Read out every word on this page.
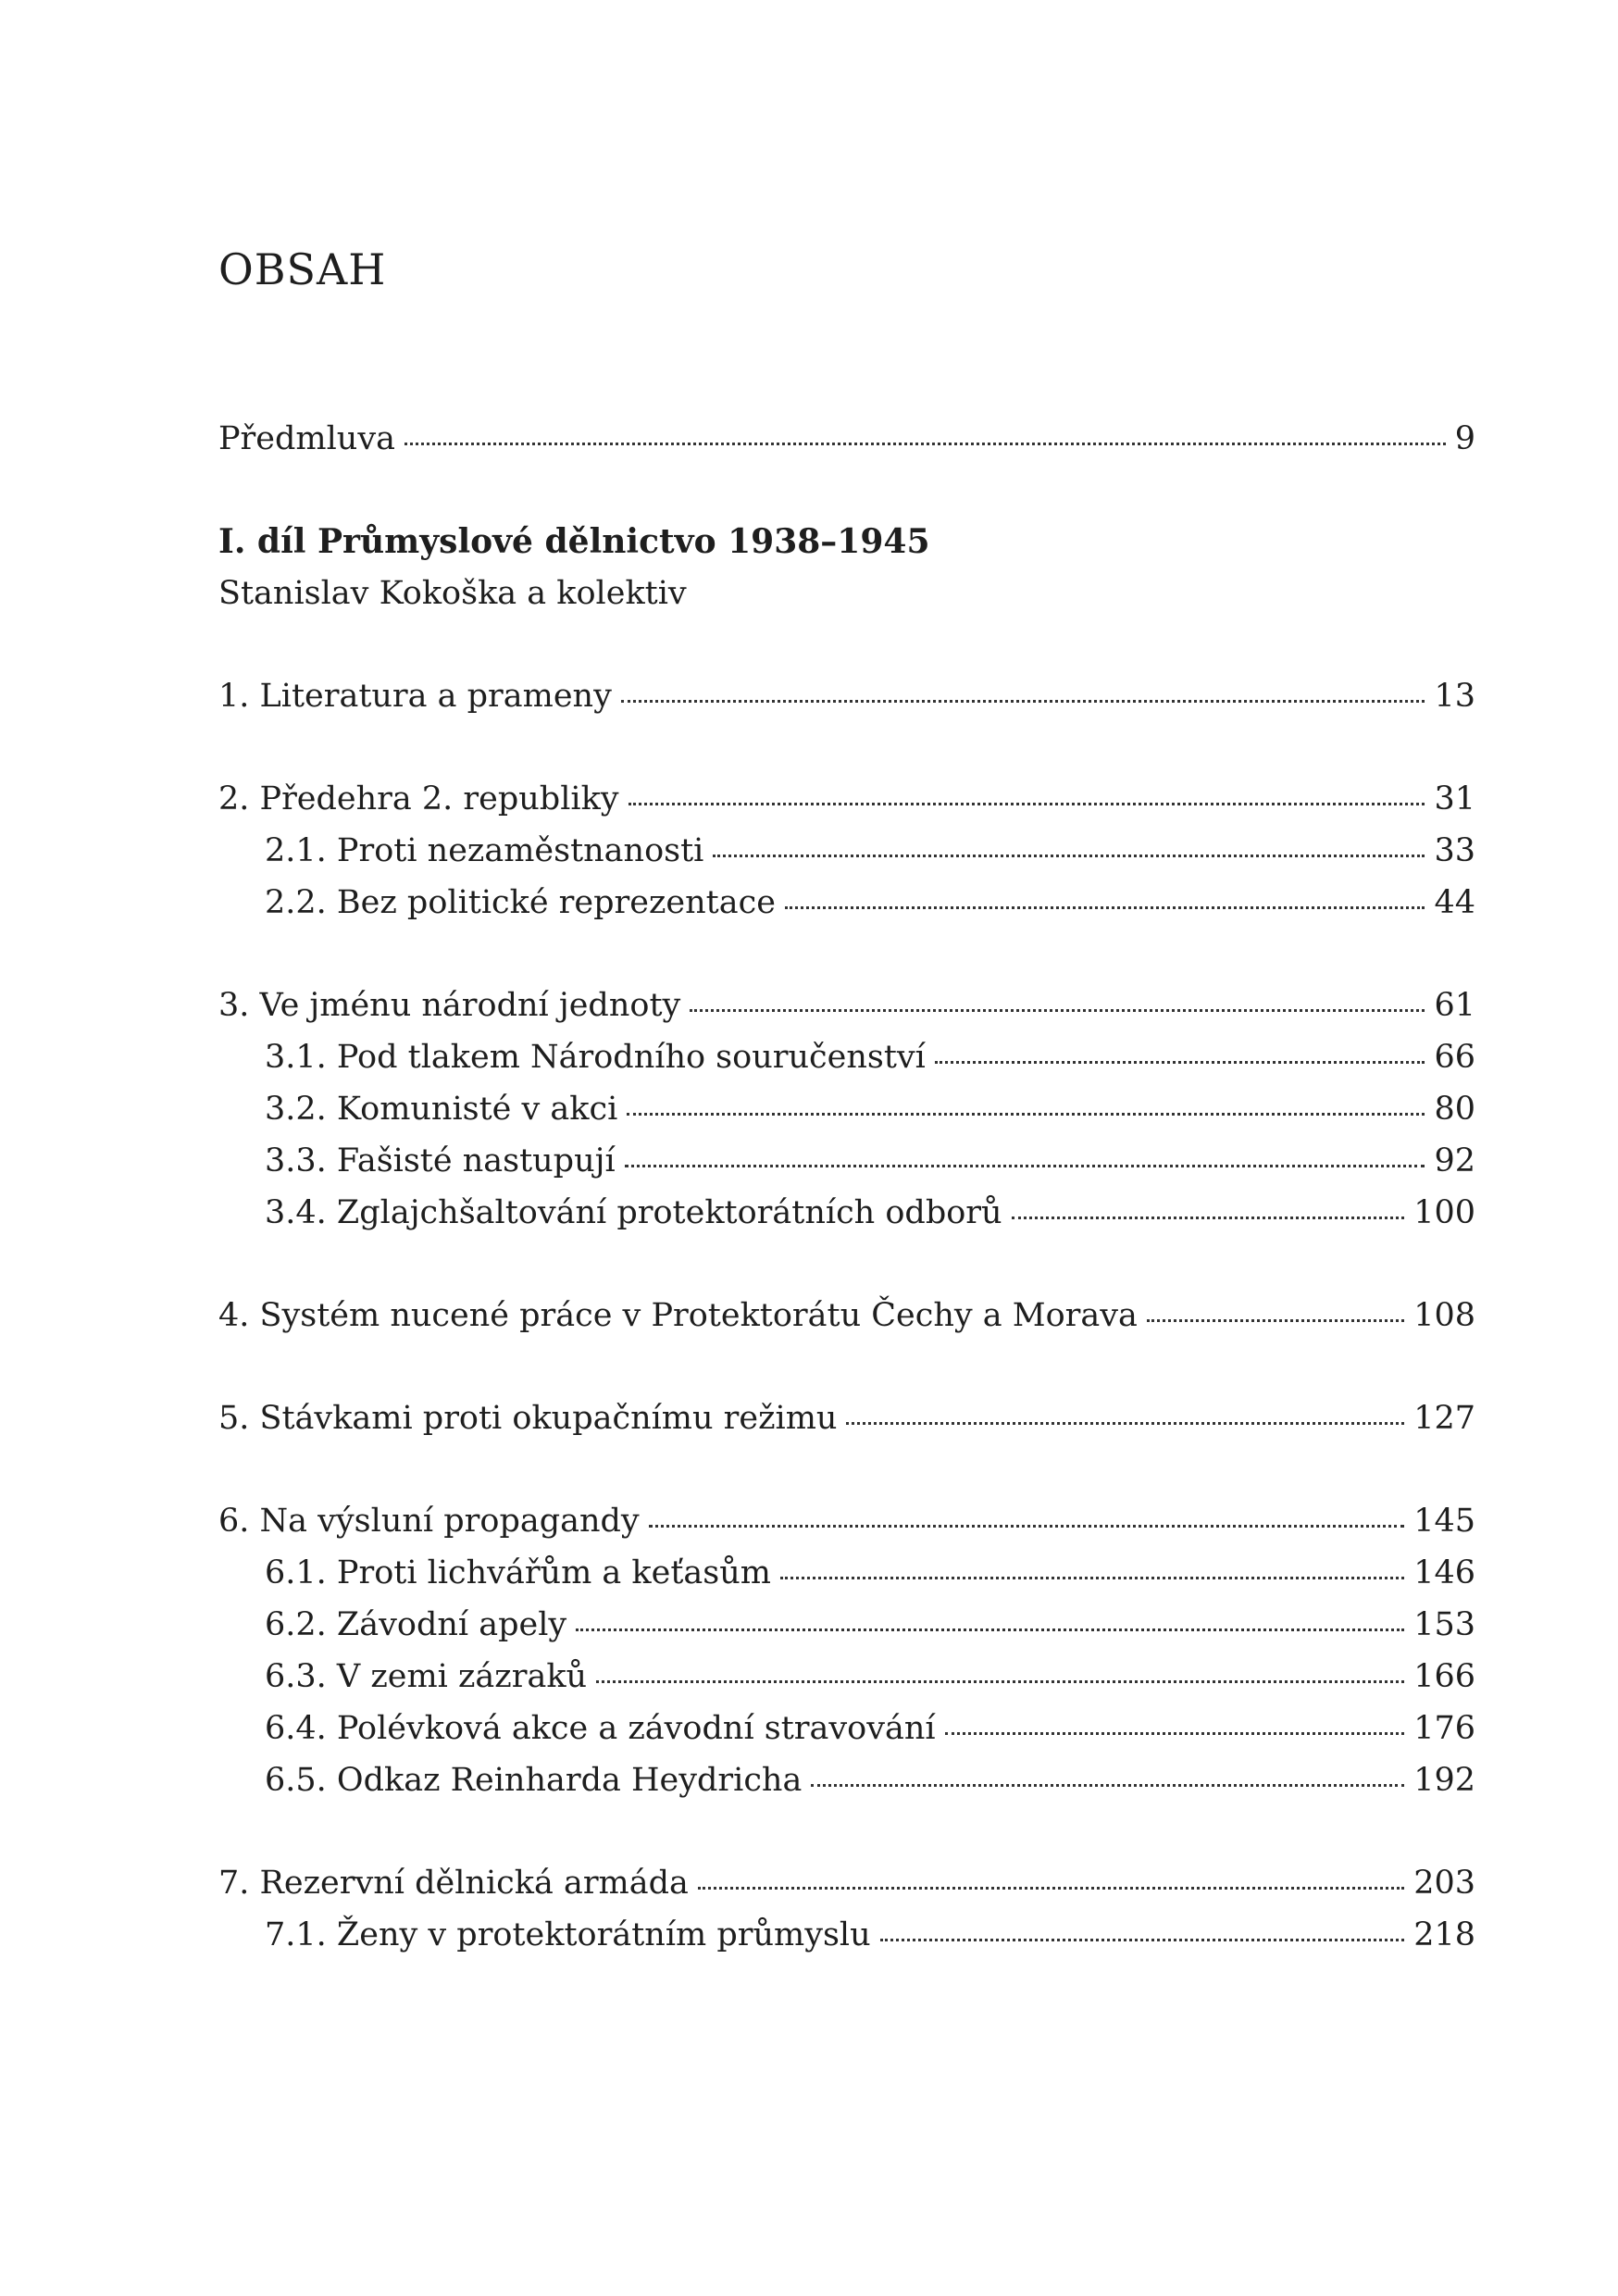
OBSAH
Předmluva	9
I. díl Průmyslové dělnictvo 1938–1945
Stanislav Kokoška a kolektiv
1. Literatura a prameny	13
2. Předehra 2. republiky	31
2.1. Proti nezaměstnanosti	33
2.2. Bez politické reprezentace	44
3. Ve jménu národní jednoty	61
3.1. Pod tlakem Národního souručenství	66
3.2. Komunisté v akci	80
3.3. Fašisté nastupují	92
3.4. Zglajchšaltování protektorátních odborů	100
4. Systém nucené práce v Protektorátu Čechy a Morava	108
5. Stávkami proti okupačnímu režimu	127
6. Na výsluní propagandy	145
6.1. Proti lichvářům a keťasům	146
6.2. Závodní apely	153
6.3. V zemi zázraků	166
6.4. Polévková akce a závodní stravování	176
6.5. Odkaz Reinharda Heydricha	192
7. Rezervní dělnická armáda	203
7.1. Ženy v protektorátním průmyslu	218
